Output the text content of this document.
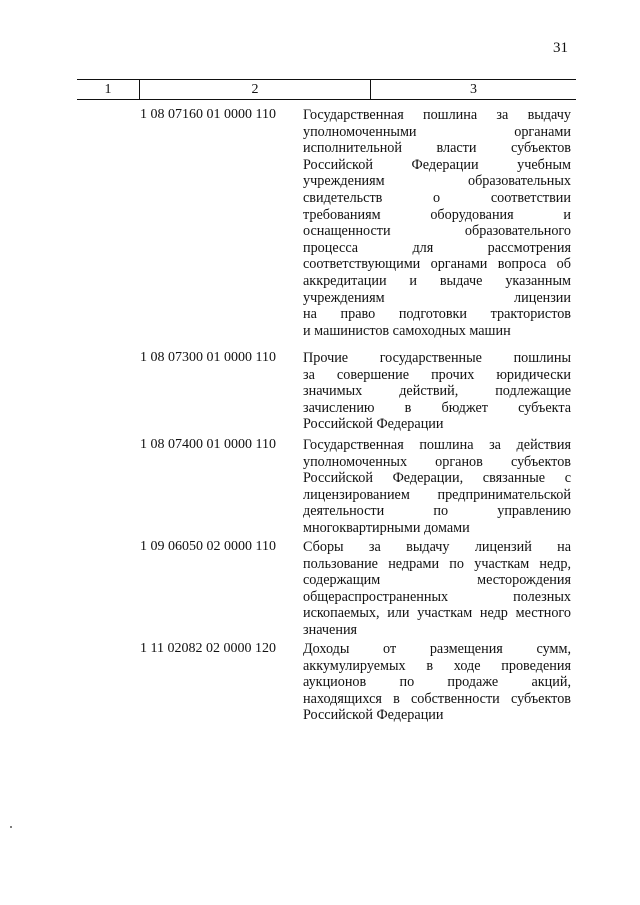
31
1	2	3
1 08 07160 01 0000 110	Государственная пошлина за выдачу
уполномоченными органами
исполнительной власти субъектов
Российской Федерации учебным
учреждениям образовательных
свидетельств о соответствии
требованиям оборудования и
оснащенности образовательного
процесса для рассмотрения
соответствующими органами вопроса об
аккредитации и выдаче указанным
учреждениям лицензии
на право подготовки трактористов
и машинистов самоходных машин
1 08 07300 01 0000 110	Прочие государственные пошлины
за совершение прочих юридически
значимых действий, подлежащие
зачислению в бюджет субъекта
Российской Федерации
1 08 07400 01 0000 110	Государственная пошлина за действия
уполномоченных органов субъектов
Российской Федерации, связанные с
лицензированием предпринимательской
деятельности по управлению
многоквартирными домами
1 09 06050 02 0000 110	Сборы за выдачу лицензий на
пользование недрами по участкам недр,
содержащим месторождения
общераспространенных полезных
ископаемых, или участкам недр местного
значения
1 11 02082 02 0000 120	Доходы от размещения сумм,
аккумулируемых в ходе проведения
аукционов по продаже акций,
находящихся в собственности субъектов
Российской Федерации
